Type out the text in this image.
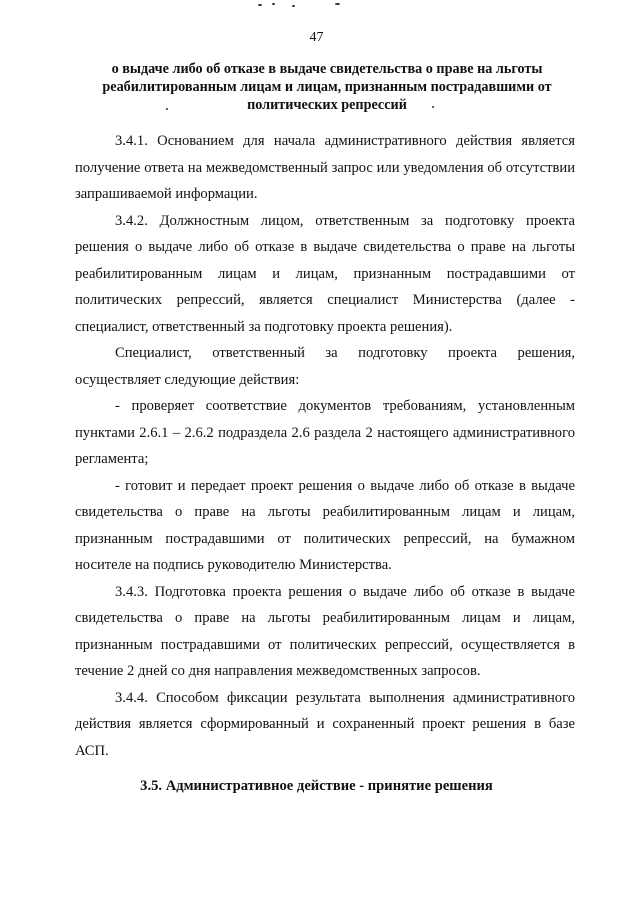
47
о выдаче либо об отказе в выдаче свидетельства о праве на льготы
реабилитированным лицам и лицам, признанным пострадавшими от
политических репрессий

3.4.1. Основанием для начала административного действия является получение ответа на межведомственный запрос или уведомления об отсутствии запрашиваемой информации.

3.4.2. Должностным лицом, ответственным за подготовку проекта решения о выдаче либо об отказе в выдаче свидетельства о праве на льготы реабилитированным лицам и лицам, признанным пострадавшими от политических репрессий, является специалист Министерства (далее - специалист, ответственный за подготовку проекта решения).

Специалист, ответственный за подготовку проекта решения, осуществляет следующие действия:

- проверяет соответствие документов требованиям, установленным пунктами 2.6.1 – 2.6.2 подраздела 2.6 раздела 2 настоящего административного регламента;

- готовит и передает проект решения о выдаче либо об отказе в выдаче свидетельства о праве на льготы реабилитированным лицам и лицам, признанным пострадавшими от политических репрессий, на бумажном носителе на подпись руководителю Министерства.

3.4.3. Подготовка проекта решения о выдаче либо об отказе в выдаче свидетельства о праве на льготы реабилитированным лицам и лицам, признанным пострадавшими от политических репрессий, осуществляется в течение 2 дней со дня направления межведомственных запросов.

3.4.4. Способом фиксации результата выполнения административного действия является сформированный и сохраненный проект решения в базе АСП.

3.5. Административное действие - принятие решения
